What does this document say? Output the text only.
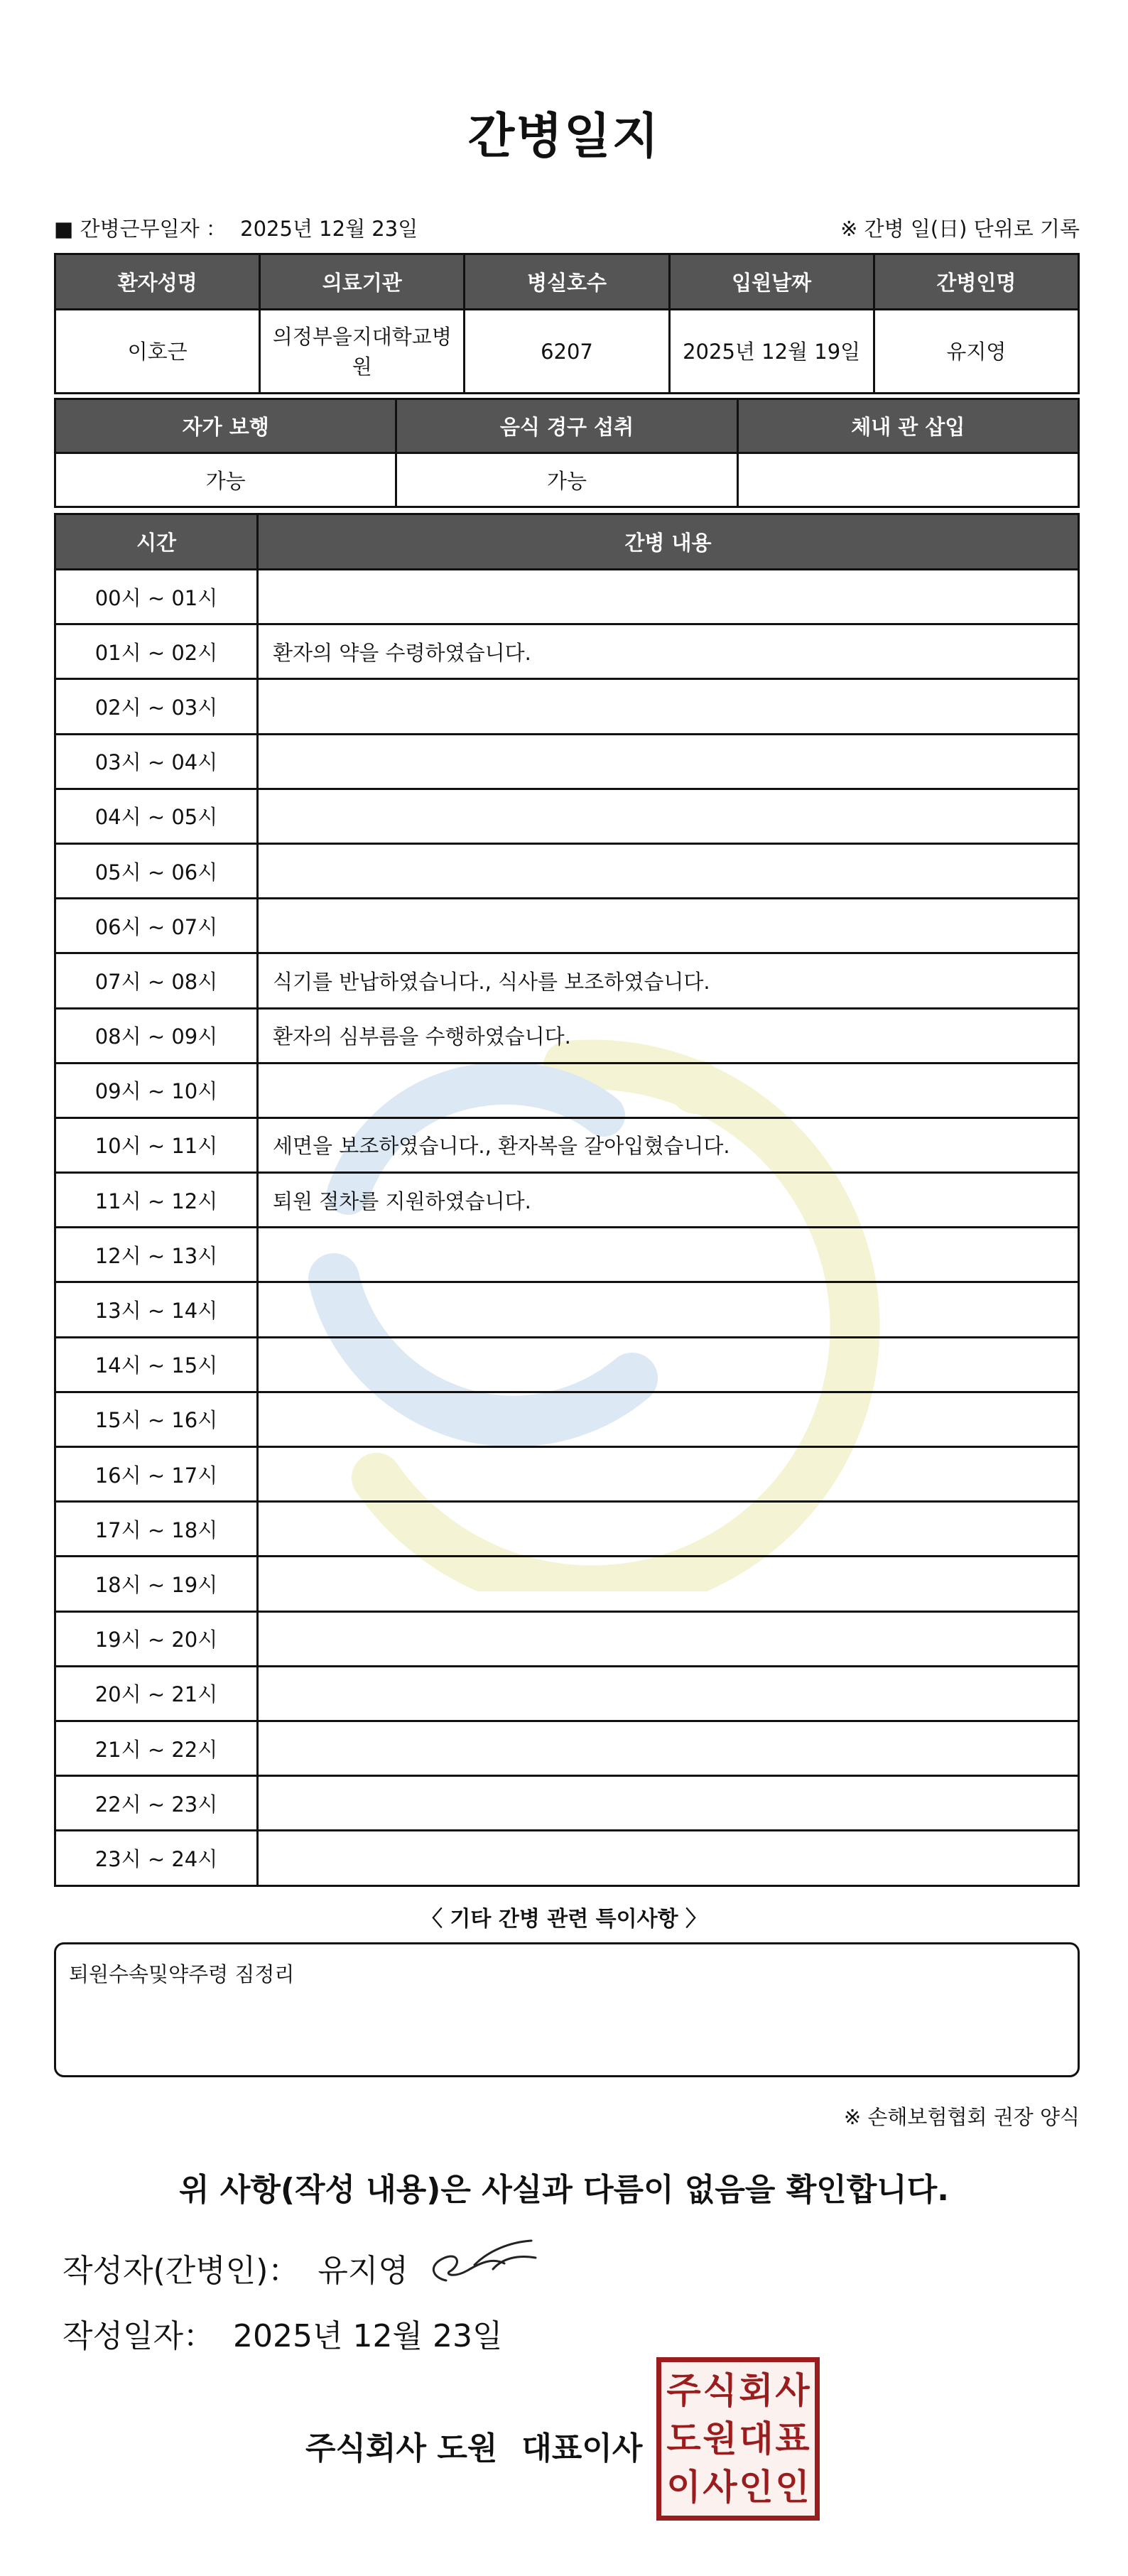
간병일지
■ 간병근무일자 ： 2025년 12월 23일	※ 간병 일(日) 단위로 기록
환자성명	의료기관	병실호수	입원날짜	간병인명
이호근	의정부을지대학교병원	6207	2025년 12월 19일	유지영
자가 보행	음식 경구 섭취	체내 관 삽입
가능	가능	
시간	간병 내용
00시 ~ 01시	
01시 ~ 02시	환자의 약을 수령하였습니다.
02시 ~ 03시	
03시 ~ 04시	
04시 ~ 05시	
05시 ~ 06시	
06시 ~ 07시	
07시 ~ 08시	식기를 반납하였습니다., 식사를 보조하였습니다.
08시 ~ 09시	환자의 심부름을 수행하였습니다.
09시 ~ 10시	
10시 ~ 11시	세면을 보조하였습니다., 환자복을 갈아입혔습니다.
11시 ~ 12시	퇴원 절차를 지원하였습니다.
12시 ~ 13시	
13시 ~ 14시	
14시 ~ 15시	
15시 ~ 16시	
16시 ~ 17시	
17시 ~ 18시	
18시 ~ 19시	
19시 ~ 20시	
20시 ~ 21시	
21시 ~ 22시	
22시 ~ 23시	
23시 ~ 24시	
〈 기타 간병 관련 특이사항 〉
퇴원수속및약주령 짐정리
※ 손해보험협회 권장 양식
위 사항(작성 내용)은 사실과 다름이 없음을 확인합니다.
작성자(간병인)： 유지영
작성일자： 2025년 12월 23일
주식회사 도원 대표이사
주 식 회 사
도 원 대 표
이 사 인 인
